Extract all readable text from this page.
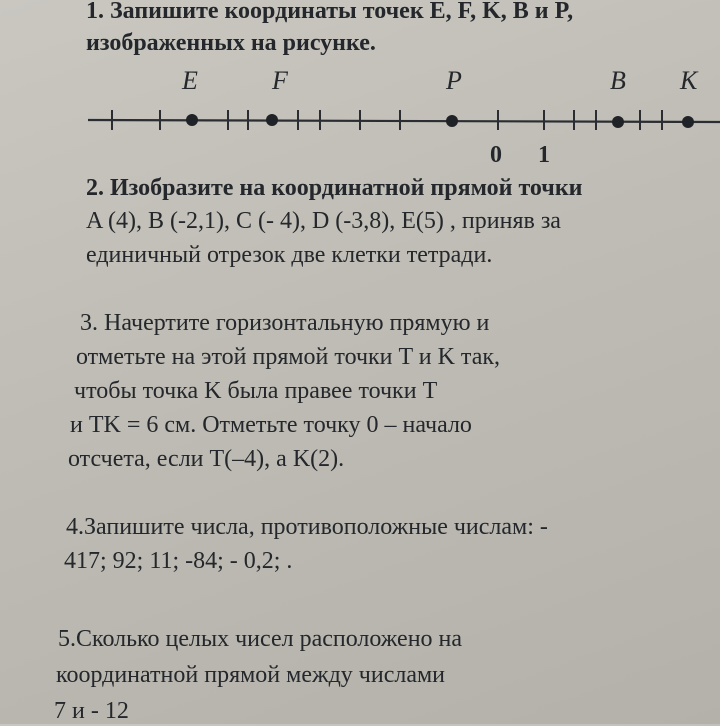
1. Запишите координаты точек E, F, K, B и P,
изображенных на рисунке.
E	F	P	B K
0 1
2. Изобразите на координатной прямой точки
A (4), B (-2,1), C (- 4), D (-3,8), E(5) , приняв за
единичный отрезок две клетки тетради.
3. Начертите горизонтальную прямую и
отметьте на этой прямой точки T и K так,
чтобы точка K была правее точки T
и TK = 6 см. Отметьте точку 0 – начало
отсчета, если T(–4), а K(2).
4.Запишите числа, противоположные числам: -
417; 92; 11; -84; - 0,2; .
5.Сколько целых чисел расположено на
координатной прямой между числами
7 и - 12
